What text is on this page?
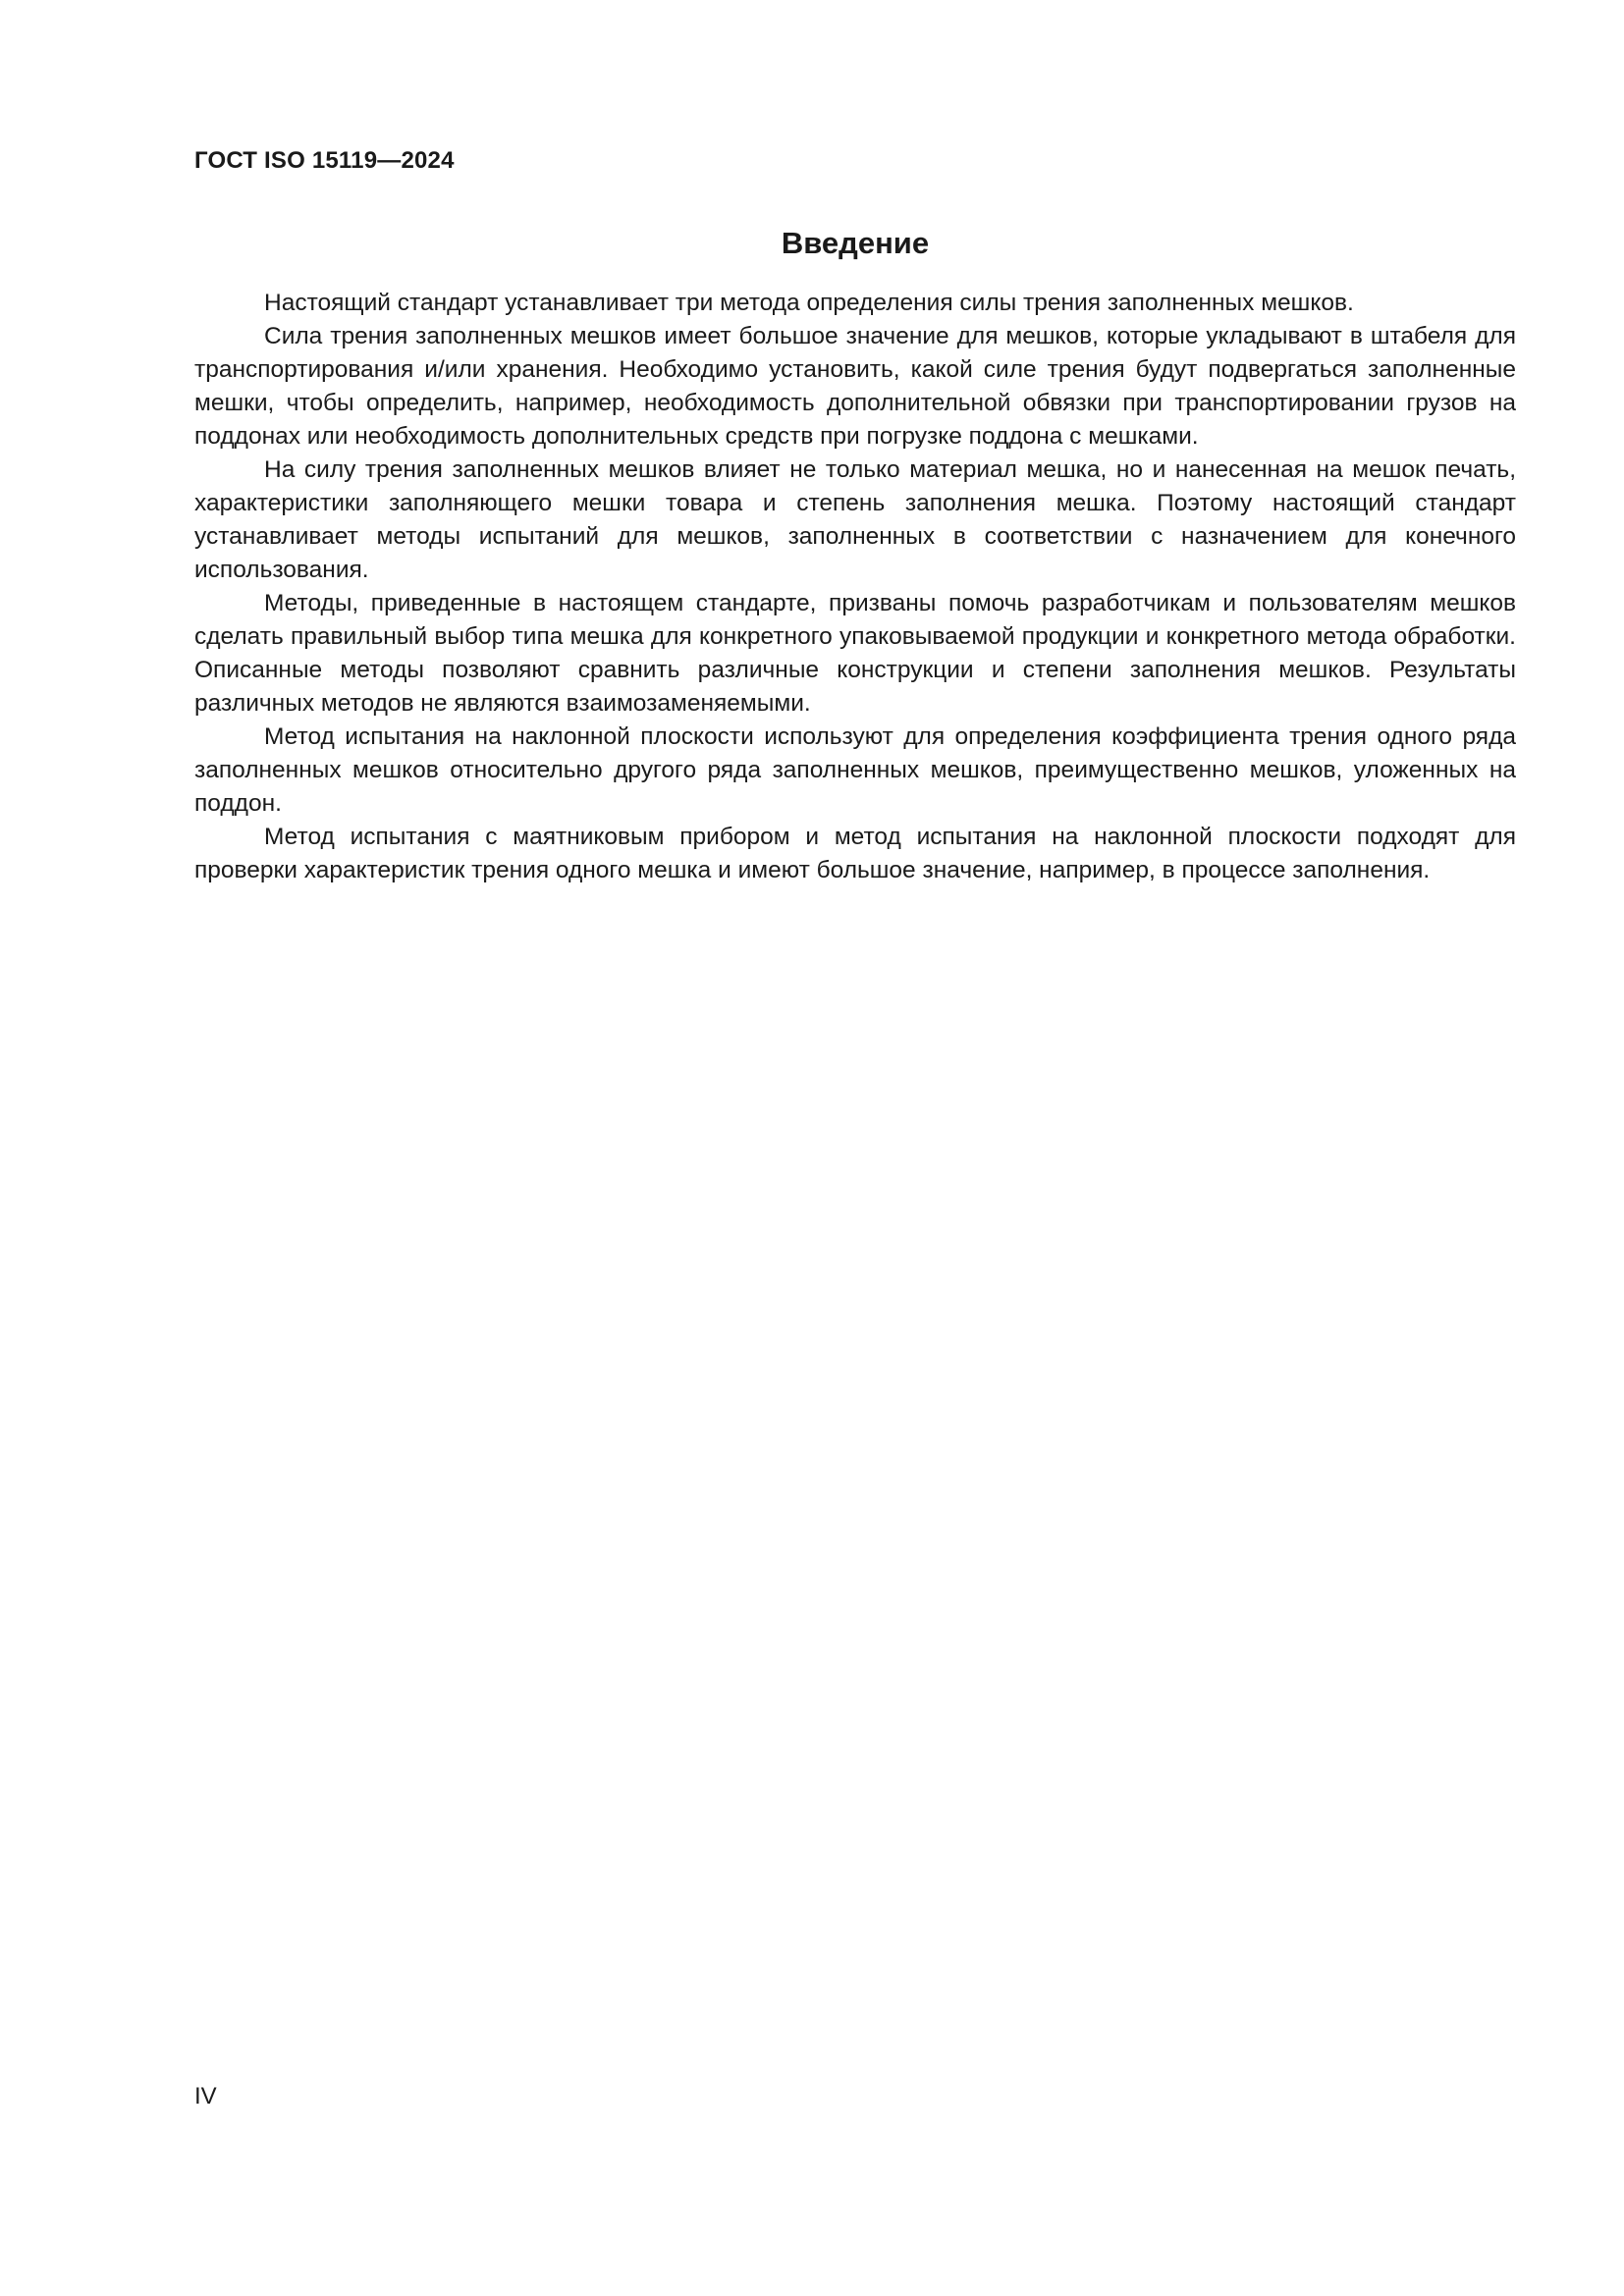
ГОСТ ISO 15119—2024
Введение

Настоящий стандарт устанавливает три метода определения силы трения заполненных мешков.

Сила трения заполненных мешков имеет большое значение для мешков, которые укладывают в штабеля для транспортирования и/или хранения. Необходимо установить, какой силе трения будут подвергаться заполненные мешки, чтобы определить, например, необходимость дополнительной обвязки при транспортировании грузов на поддонах или необходимость дополнительных средств при погрузке поддона с мешками.

На силу трения заполненных мешков влияет не только материал мешка, но и нанесенная на мешок печать, характеристики заполняющего мешки товара и степень заполнения мешка. Поэтому настоящий стандарт устанавливает методы испытаний для мешков, заполненных в соответствии с назначением для конечного использования.

Методы, приведенные в настоящем стандарте, призваны помочь разработчикам и пользователям мешков сделать правильный выбор типа мешка для конкретного упаковываемой продукции и конкретного метода обработки. Описанные методы позволяют сравнить различные конструкции и степени заполнения мешков. Результаты различных методов не являются взаимозаменяемыми.

Метод испытания на наклонной плоскости используют для определения коэффициента трения одного ряда заполненных мешков относительно другого ряда заполненных мешков, преимущественно мешков, уложенных на поддон.

Метод испытания с маятниковым прибором и метод испытания на наклонной плоскости подходят для проверки характеристик трения одного мешка и имеют большое значение, например, в процессе заполнения.

IV
